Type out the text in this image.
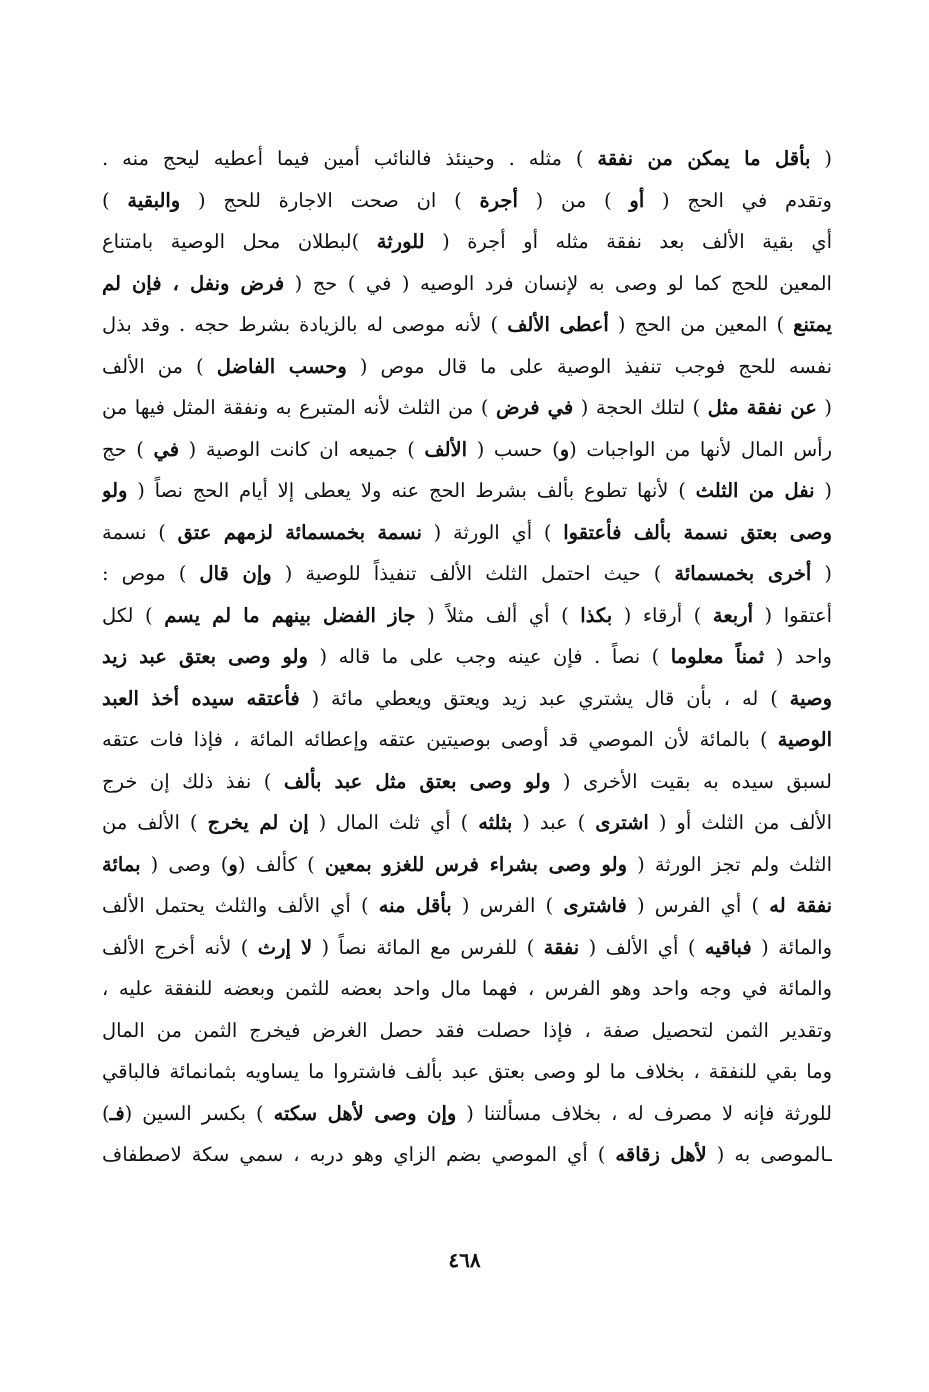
( بأقل ما يمكن من نفقة ) مثله . وحينئذ فالنائب أمين فيما أعطيه ليحج منه .
وتقدم في الحج ( أو ) من ( أجرة ) ان صحت الاجارة للحج ( والبقية )
أي بقية الألف بعد نفقة مثله أو أجرة ( للورثة )لبطلان محل الوصية بامتناع
المعين للحج كما لو وصى به لإنسان فرد الوصيه ( في ) حج ( فرض ونفل ، فإن لم
يمتنع ) المعين من الحج ( أعطى الألف ) لأنه موصى له بالزيادة بشرط حجه . وقد بذل
نفسه للحج فوجب تنفيذ الوصية على ما قال موص ( وحسب الفاضل ) من الألف
( عن نفقة مثل ) لتلك الحجة ( في فرض ) من الثلث لأنه المتبرع به ونفقة المثل فيها من
رأس المال لأنها من الواجبات (و) حسب ( الألف ) جميعه ان كانت الوصية ( في ) حج
( نفل من الثلث ) لأنها تطوع بألف بشرط الحج عنه ولا يعطى إلا أيام الحج نصاً ( ولو
وصى بعتق نسمة بألف فأعتقوا ) أي الورثة ( نسمة بخمسمائة لزمهم عتق ) نسمة
( أخرى بخمسمائة ) حيث احتمل الثلث الألف تنفيذاً للوصية ( وإن قال ) موص :
أعتقوا ( أربعة ) أرقاء ( بكذا ) أي ألف مثلاً ( جاز الفضل بينهم ما لم يسم ) لكل
واحد ( ثمناً معلوما ) نصاً . فإن عينه وجب على ما قاله ( ولو وصى بعتق عبد زيد
وصية ) له ، بأن قال يشتري عبد زيد ويعتق ويعطي مائة ( فأعتقه سيده أخذ العبد
الوصية ) بالمائة لأن الموصي قد أوصى بوصيتين عتقه وإعطائه المائة ، فإذا فات عتقه
لسبق سيده به بقيت الأخرى ( ولو وصى بعتق مثل عبد بألف ) نفذ ذلك إن خرج
الألف من الثلث أو ( اشترى ) عبد ( بثلثه ) أي ثلث المال ( إن لم يخرج ) الألف من
الثلث ولم تجز الورثة ( ولو وصى بشراء فرس للغزو بمعين ) كألف (و) وصى ( بمائة
نفقة له ) أي الفرس ( فاشترى ) الفرس ( بأقل منه ) أي الألف والثلث يحتمل الألف
والمائة ( فباقيه ) أي الألف ( نفقة ) للفرس مع المائة نصاً ( لا إرث ) لأنه أخرج الألف
والمائة في وجه واحد وهو الفرس ، فهما مال واحد بعضه للثمن وبعضه للنفقة عليه ،
وتقدير الثمن لتحصيل صفة ، فإذا حصلت فقد حصل الغرض فيخرج الثمن من المال
وما بقي للنفقة ، بخلاف ما لو وصى بعتق عبد بألف فاشتروا ما يساويه بثمانمائة فالباقي
للورثة فإنه لا مصرف له ، بخلاف مسألتنا ( وإن وصى لأهل سكته ) بكسر السين (فـ)
ـالموصى به ( لأهل زقاقه ) أي الموصي بضم الزاي وهو دربه ، سمي سكة لاصطفاف
٤٦٨
